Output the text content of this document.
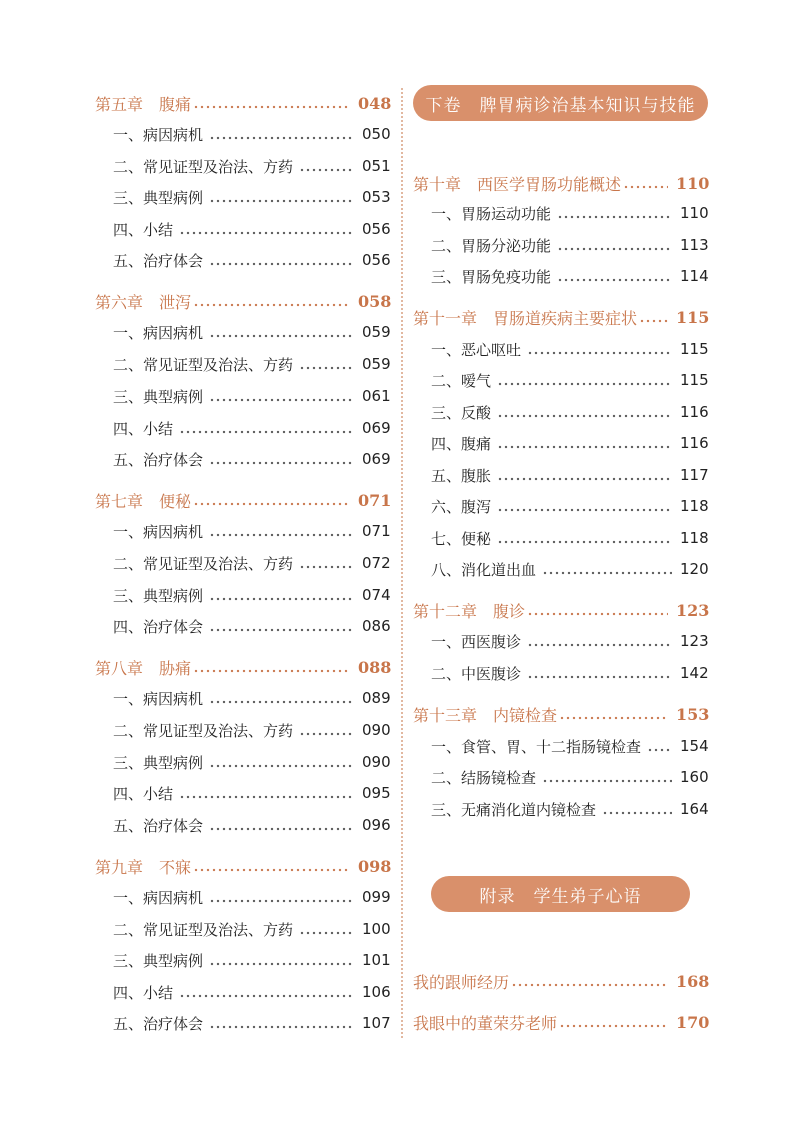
第五章　腹痛	048
一、病因病机	050
二、常见证型及治法、方药	051
三、典型病例	053
四、小结	056
五、治疗体会	056
第六章　泄泻	058
一、病因病机	059
二、常见证型及治法、方药	059
三、典型病例	061
四、小结	069
五、治疗体会	069
第七章　便秘	071
一、病因病机	071
二、常见证型及治法、方药	072
三、典型病例	074
四、治疗体会	086
第八章　胁痛	088
一、病因病机	089
二、常见证型及治法、方药	090
三、典型病例	090
四、小结	095
五、治疗体会	096
第九章　不寐	098
一、病因病机	099
二、常见证型及治法、方药	100
三、典型病例	101
四、小结	106
五、治疗体会	107
下卷　脾胃病诊治基本知识与技能
第十章　西医学胃肠功能概述	110
一、胃肠运动功能	110
二、胃肠分泌功能	113
三、胃肠免疫功能	114
第十一章　胃肠道疾病主要症状 115
一、恶心呕吐	115
二、嗳气	115
三、反酸	116
四、腹痛	116
五、腹胀	117
六、腹泻	118
七、便秘	118
八、消化道出血	120
第十二章　腹诊	123
一、西医腹诊	123
二、中医腹诊	142
第十三章　内镜检查	153
一、食管、胃、十二指肠镜检查	154
二、结肠镜检查	160
三、无痛消化道内镜检查	164
附录　学生弟子心语
我的跟师经历	168
我眼中的董荣芬老师	170
